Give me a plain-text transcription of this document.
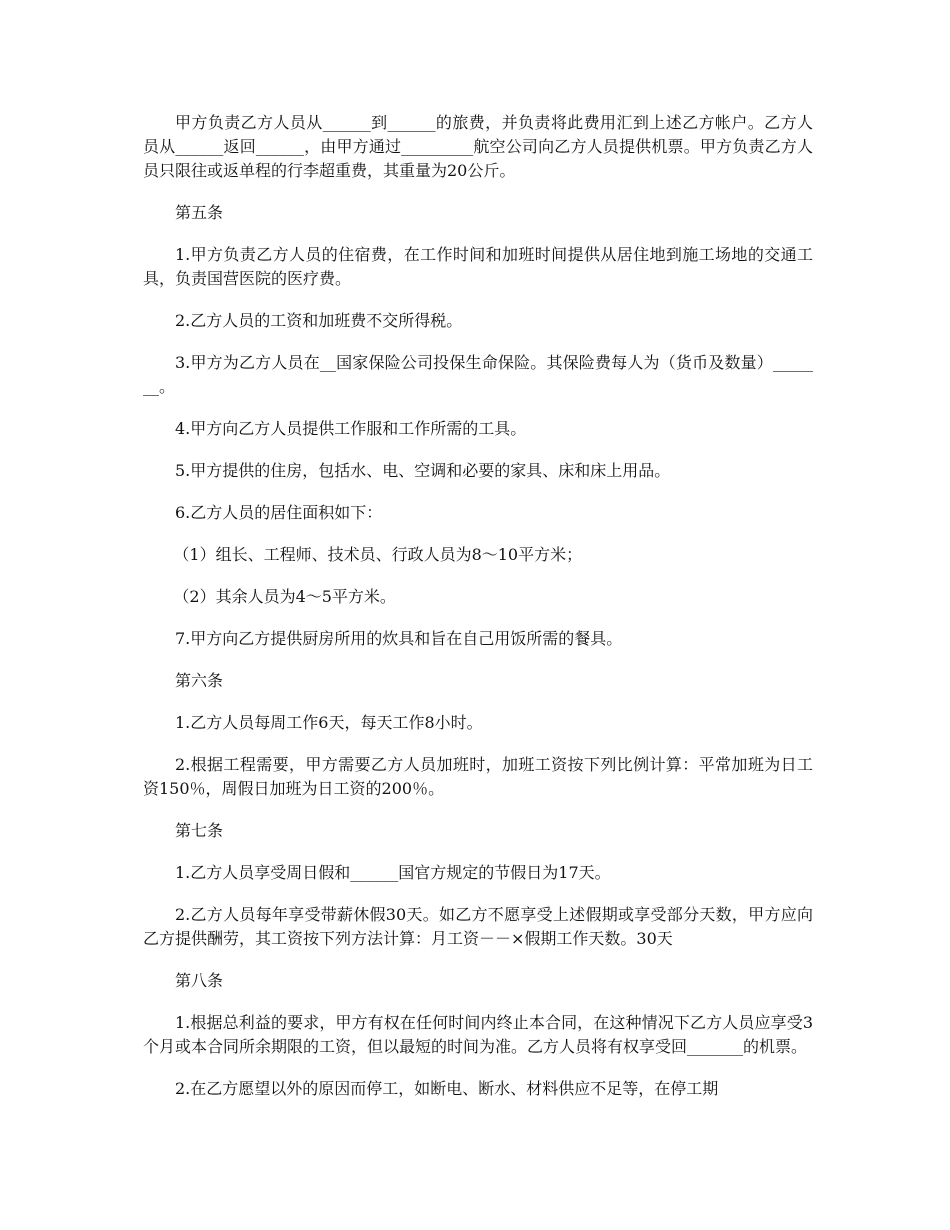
甲方负责乙方人员从______到______的旅费，并负责将此费用汇到上述乙方帐户。乙方人员从______返回______，由甲方通过_________航空公司向乙方人员提供机票。甲方负责乙方人员只限往或返单程的行李超重费，其重量为20公斤。

第五条

1.甲方负责乙方人员的住宿费，在工作时间和加班时间提供从居住地到施工场地的交通工具，负责国营医院的医疗费。

2.乙方人员的工资和加班费不交所得税。

3.甲方为乙方人员在__国家保险公司投保生命保险。其保险费每人为（货币及数量）_______。

4.甲方向乙方人员提供工作服和工作所需的工具。

5.甲方提供的住房，包括水、电、空调和必要的家具、床和床上用品。

6.乙方人员的居住面积如下：

（1）组长、工程师、技术员、行政人员为8～10平方米；

（2）其余人员为4～5平方米。

7.甲方向乙方提供厨房所用的炊具和旨在自己用饭所需的餐具。

第六条

1.乙方人员每周工作6天，每天工作8小时。

2.根据工程需要，甲方需要乙方人员加班时，加班工资按下列比例计算：平常加班为日工资150％，周假日加班为日工资的200％。

第七条

1.乙方人员享受周日假和______国官方规定的节假日为17天。

2.乙方人员每年享受带薪休假30天。如乙方不愿享受上述假期或享受部分天数，甲方应向乙方提供酬劳，其工资按下列方法计算：月工资－－×假期工作天数。30天

第八条

1.根据总利益的要求，甲方有权在任何时间内终止本合同，在这种情况下乙方人员应享受3个月或本合同所余期限的工资，但以最短的时间为准。乙方人员将有权享受回_______的机票。

2.在乙方愿望以外的原因而停工，如断电、断水、材料供应不足等，在停工期
